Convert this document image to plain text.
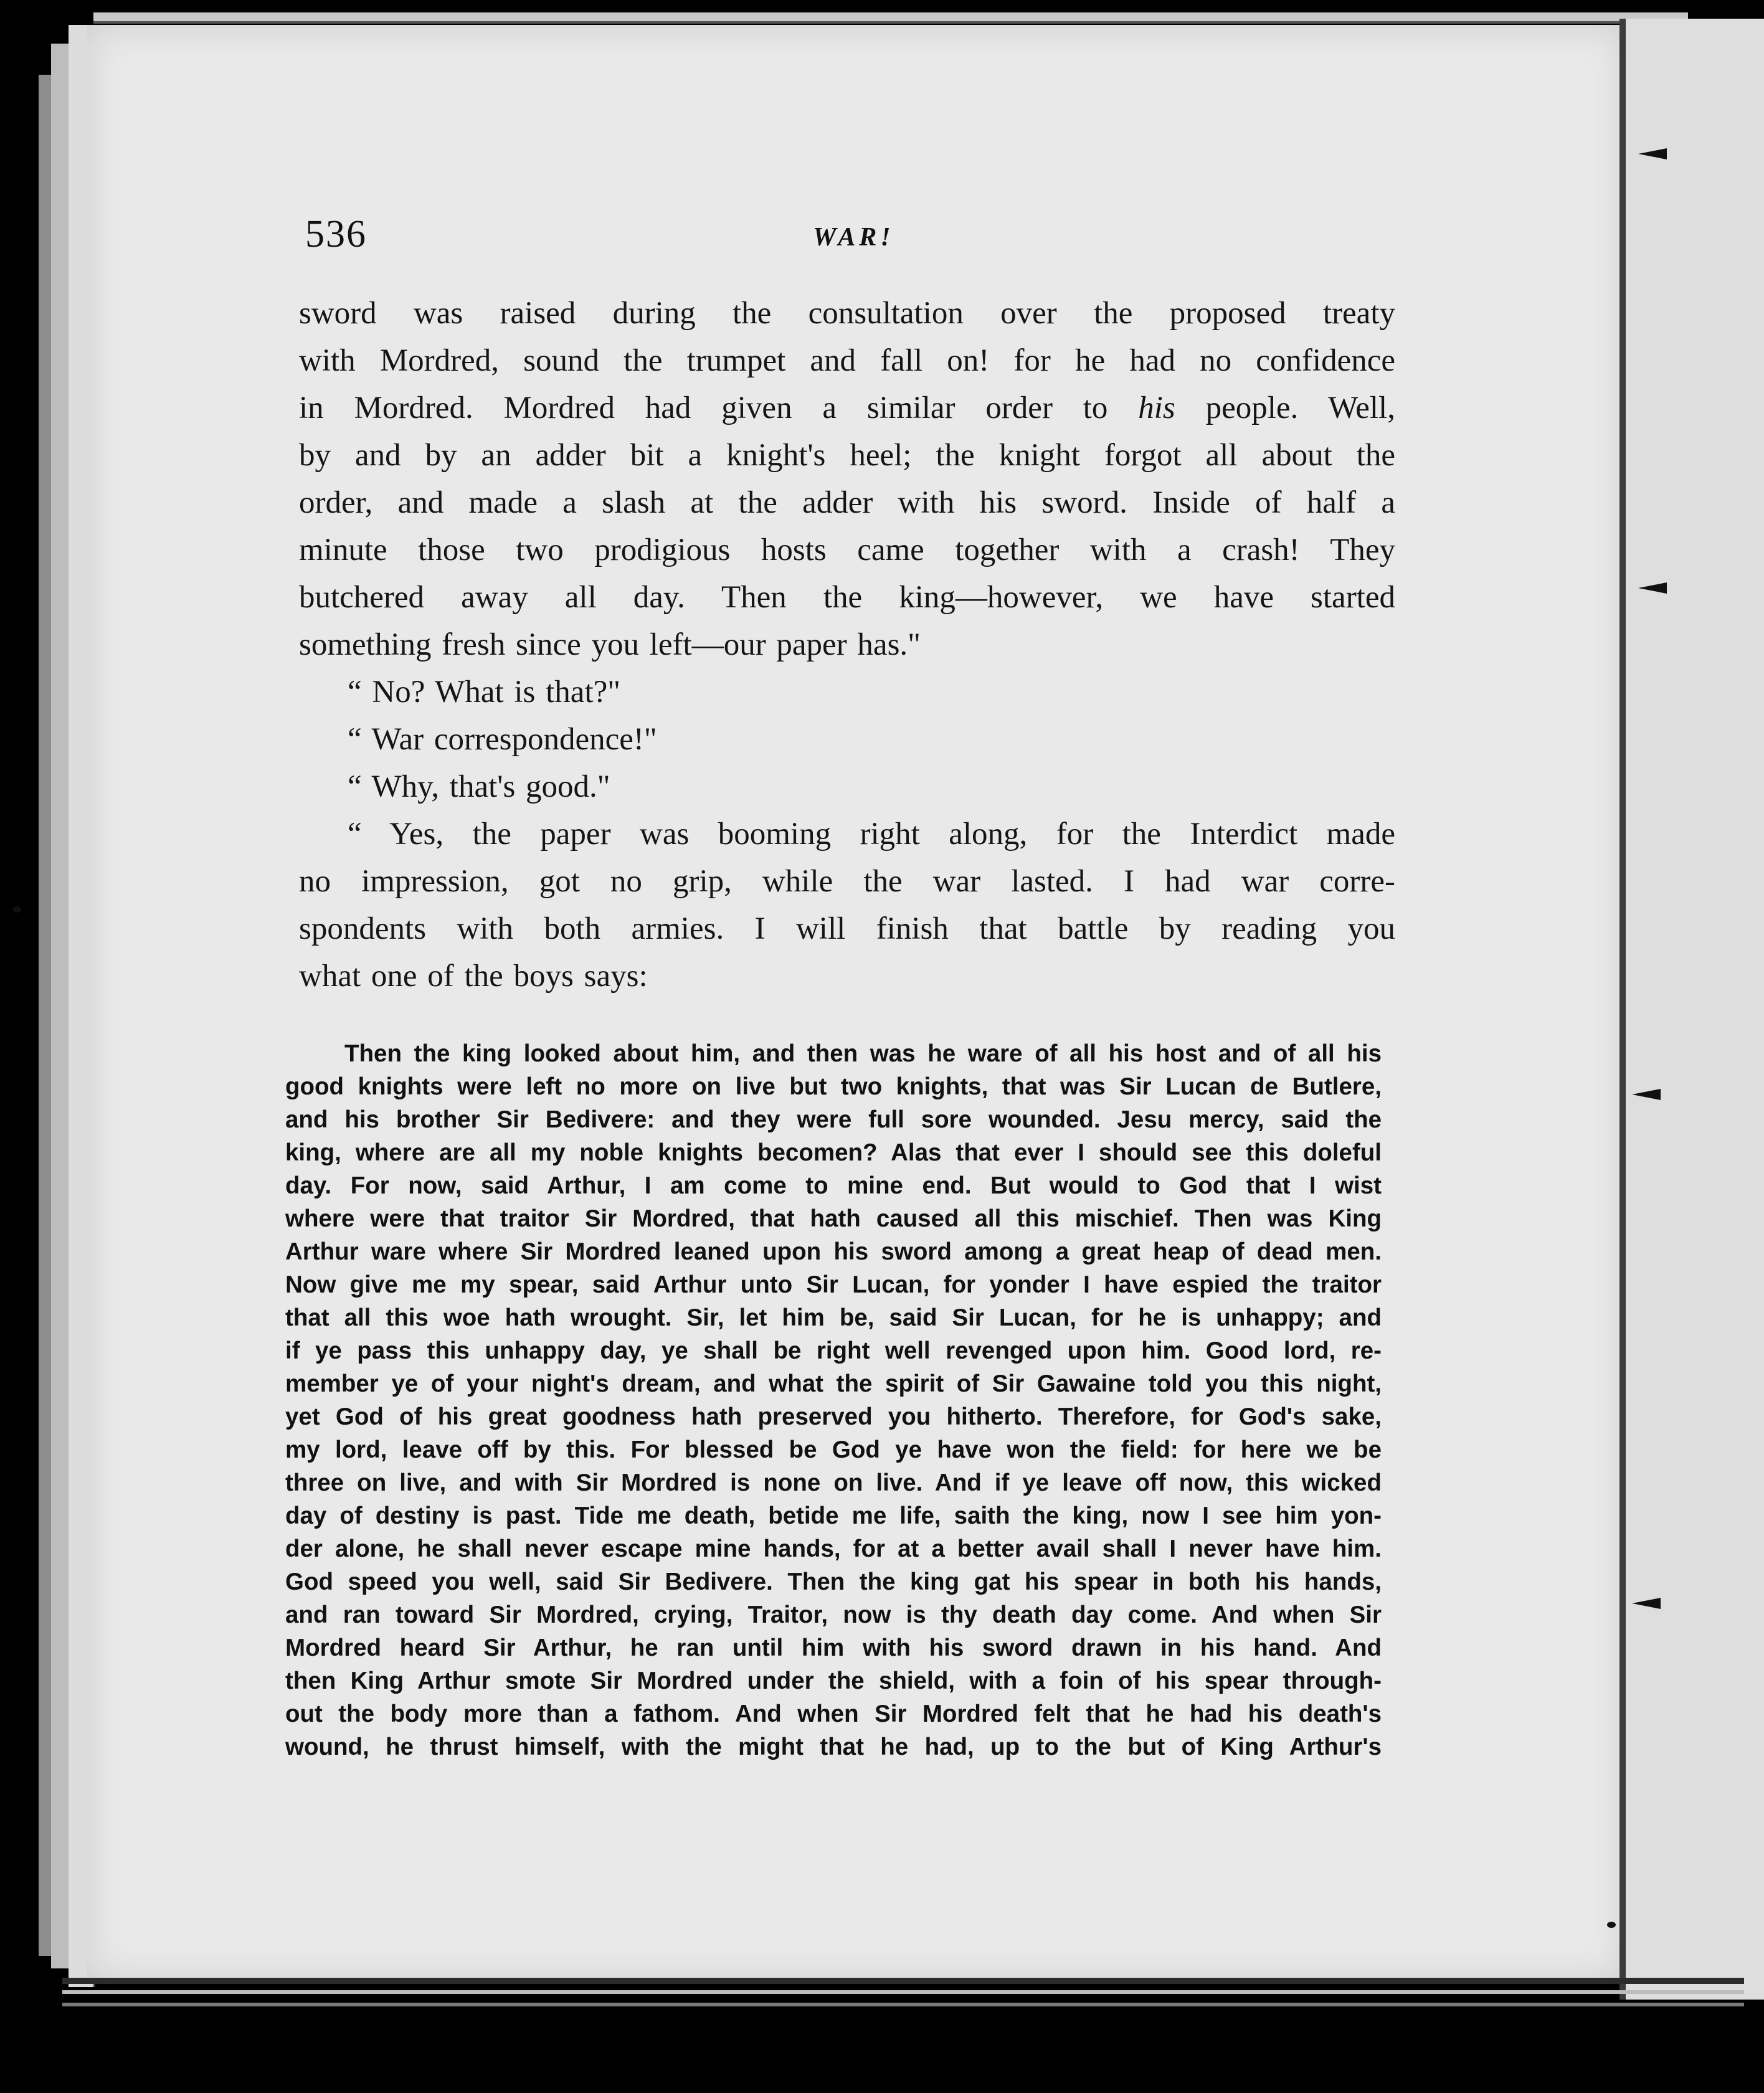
536	WAR!
sword was raised during the consultation over the proposed treaty
with Mordred, sound the trumpet and fall on! for he had no confidence
in Mordred. Mordred had given a similar order to his people. Well,
by and by an adder bit a knight's heel; the knight forgot all about the
order, and made a slash at the adder with his sword. Inside of half a
minute those two prodigious hosts came together with a crash! They
butchered away all day. Then the king—however, we have started
something fresh since you left—our paper has."
“ No? What is that?"
“ War correspondence!"
“ Why, that's good."
“ Yes, the paper was booming right along, for the Interdict made
no impression, got no grip, while the war lasted. I had war corre-
spondents with both armies. I will finish that battle by reading you
what one of the boys says:
Then the king looked about him, and then was he ware of all his host and of all his
good knights were left no more on live but two knights, that was Sir Lucan de Butlere,
and his brother Sir Bedivere: and they were full sore wounded. Jesu mercy, said the
king, where are all my noble knights becomen? Alas that ever I should see this doleful
day. For now, said Arthur, I am come to mine end. But would to God that I wist
where were that traitor Sir Mordred, that hath caused all this mischief. Then was King
Arthur ware where Sir Mordred leaned upon his sword among a great heap of dead men.
Now give me my spear, said Arthur unto Sir Lucan, for yonder I have espied the traitor
that all this woe hath wrought. Sir, let him be, said Sir Lucan, for he is unhappy; and
if ye pass this unhappy day, ye shall be right well revenged upon him. Good lord, re-
member ye of your night's dream, and what the spirit of Sir Gawaine told you this night,
yet God of his great goodness hath preserved you hitherto. Therefore, for God's sake,
my lord, leave off by this. For blessed be God ye have won the field: for here we be
three on live, and with Sir Mordred is none on live. And if ye leave off now, this wicked
day of destiny is past. Tide me death, betide me life, saith the king, now I see him yon-
der alone, he shall never escape mine hands, for at a better avail shall I never have him.
God speed you well, said Sir Bedivere. Then the king gat his spear in both his hands,
and ran toward Sir Mordred, crying, Traitor, now is thy death day come. And when Sir
Mordred heard Sir Arthur, he ran until him with his sword drawn in his hand. And
then King Arthur smote Sir Mordred under the shield, with a foin of his spear through-
out the body more than a fathom. And when Sir Mordred felt that he had his death's
wound, he thrust himself, with the might that he had, up to the but of King Arthur's
